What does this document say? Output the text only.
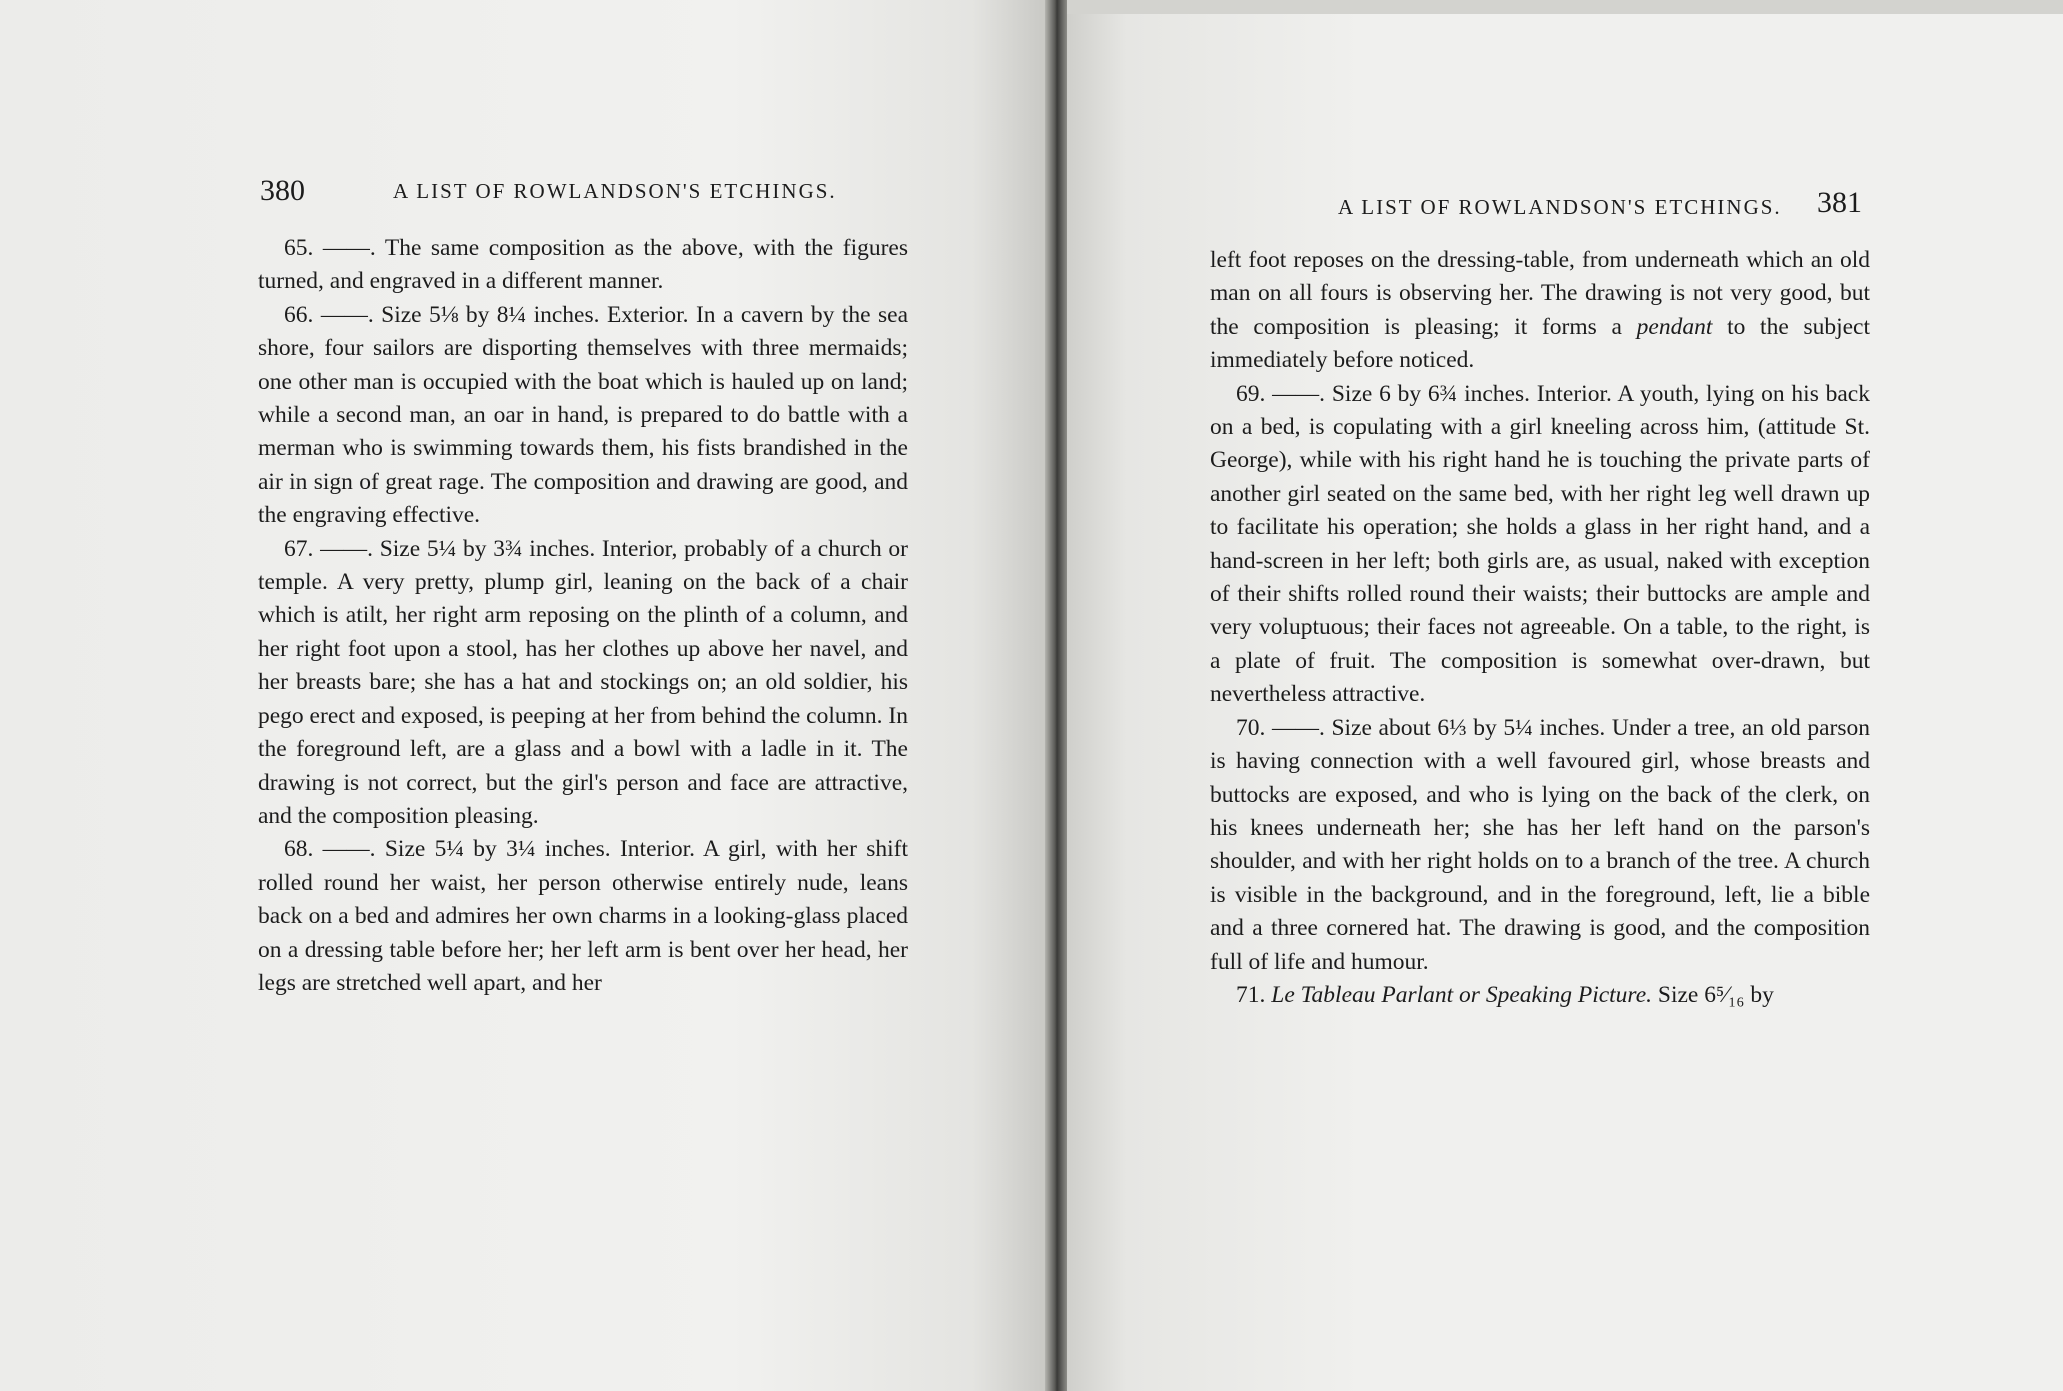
380	A LIST OF ROWLANDSON'S ETCHINGS.

65. ——. The same composition as the above, with the figures turned, and engraved in a different manner.

66. ——. Size 5⅛ by 8¼ inches. Exterior. In a cavern by the sea shore, four sailors are disporting themselves with three mermaids; one other man is occupied with the boat which is hauled up on land; while a second man, an oar in hand, is prepared to do battle with a merman who is swimming towards them, his fists brandished in the air in sign of great rage. The composition and drawing are good, and the engraving effective.

67. ——. Size 5¼ by 3¾ inches. Interior, probably of a church or temple. A very pretty, plump girl, leaning on the back of a chair which is atilt, her right arm reposing on the plinth of a column, and her right foot upon a stool, has her clothes up above her navel, and her breasts bare; she has a hat and stockings on; an old soldier, his pego erect and exposed, is peeping at her from behind the column. In the foreground left, are a glass and a bowl with a ladle in it. The drawing is not correct, but the girl's person and face are attractive, and the composition pleasing.

68. ——. Size 5¼ by 3¼ inches. Interior. A girl, with her shift rolled round her waist, her person otherwise entirely nude, leans back on a bed and admires her own charms in a looking-glass placed on a dressing table before her; her left arm is bent over her head, her legs are stretched well apart, and her

A LIST OF ROWLANDSON'S ETCHINGS. 381

left foot reposes on the dressing-table, from underneath which an old man on all fours is observing her. The drawing is not very good, but the composition is pleasing; it forms a pendant to the subject immediately before noticed.

69. ——. Size 6 by 6¾ inches. Interior. A youth, lying on his back on a bed, is copulating with a girl kneeling across him, (attitude St. George), while with his right hand he is touching the private parts of another girl seated on the same bed, with her right leg well drawn up to facilitate his operation; she holds a glass in her right hand, and a hand-screen in her left; both girls are, as usual, naked with exception of their shifts rolled round their waists; their buttocks are ample and very voluptuous; their faces not agreeable. On a table, to the right, is a plate of fruit. The composition is somewhat over-drawn, but nevertheless attractive.

70. ——. Size about 6⅓ by 5¼ inches. Under a tree, an old parson is having connection with a well favoured girl, whose breasts and buttocks are exposed, and who is lying on the back of the clerk, on his knees underneath her; she has her left hand on the parson's shoulder, and with her right holds on to a branch of the tree. A church is visible in the background, and in the foreground, left, lie a bible and a three cornered hat. The drawing is good, and the composition full of life and humour.

71. Le Tableau Parlant or Speaking Picture. Size 6⁵⁄₁₆ by
